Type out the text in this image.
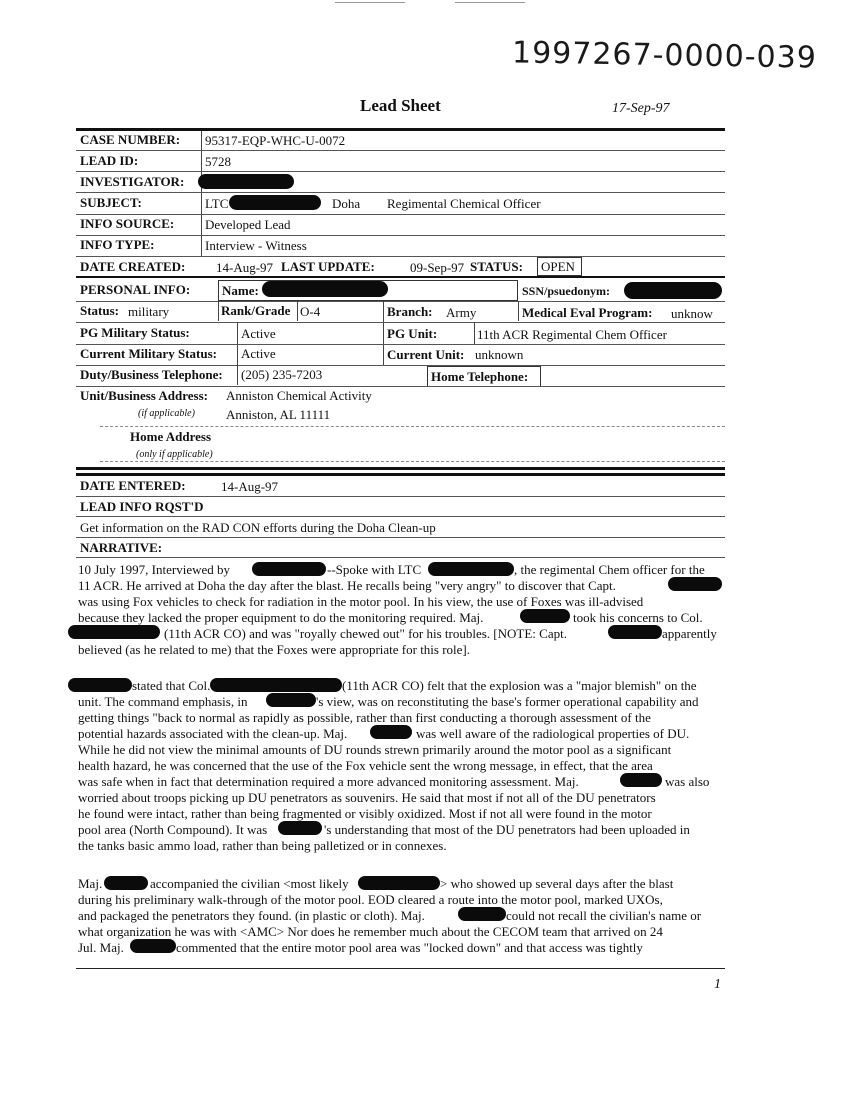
1997267-0000-039
Lead Sheet	17-Sep-97
CASE NUMBER: 95317-EQP-WHC-U-0072
LEAD ID:	5728
INVESTIGATOR:
SUBJECT:	LTC	Doha Regimental Chemical Officer
INFO SOURCE: Developed Lead
INFO TYPE:	Interview - Witness
DATE CREATED: 14-Aug-97 LAST UPDATE:	09-Sep-97 STATUS:	OPEN
PERSONAL INFO: Name:	SSN/psuedonym:
Status: military	Rank/Grade O-4	Branch: Army	Medical Eval Program: unknow
PG Military Status:	Active	PG Unit:	11th ACR Regimental Chem Officer
Current Military Status: Active	Current Unit: unknown
Duty/Business Telephone: (205) 235-7203	Home Telephone:
Unit/Business Address: Anniston Chemical Activity
(if applicable) Anniston, AL 11111
Home Address
(only if applicable)
DATE ENTERED:	14-Aug-97
LEAD INFO RQST'D
Get information on the RAD CON efforts during the Doha Clean-up
NARRATIVE:
10 July 1997, Interviewed by	--Spoke with LTC	, the regimental Chem officer for the
11 ACR. He arrived at Doha the day after the blast. He recalls being "very angry" to discover that Capt.
was using Fox vehicles to check for radiation in the motor pool. In his view, the use of Foxes was ill-advised
because they lacked the proper equipment to do the monitoring required. Maj.	took his concerns to Col.
(11th ACR CO) and was "royally chewed out" for his troubles. [NOTE: Capt.	apparently
believed (as he related to me) that the Foxes were appropriate for this role].
stated that Col.	(11th ACR CO) felt that the explosion was a "major blemish" on the
unit. The command emphasis, in	's view, was on reconstituting the base's former operational capability and
getting things "back to normal as rapidly as possible, rather than first conducting a thorough assessment of the
potential hazards associated with the clean-up. Maj.	was well aware of the radiological properties of DU.
While he did not view the minimal amounts of DU rounds strewn primarily around the motor pool as a significant
health hazard, he was concerned that the use of the Fox vehicle sent the wrong message, in effect, that the area
was safe when in fact that determination required a more advanced monitoring assessment. Maj.	was also
worried about troops picking up DU penetrators as souvenirs. He said that most if not all of the DU penetrators
he found were intact, rather than being fragmented or visibly oxidized. Most if not all were found in the motor
pool area (North Compound). It was	's understanding that most of the DU penetrators had been uploaded in
the tanks basic ammo load, rather than being palletized or in connexes.
Maj.	accompanied the civilian <most likely	> who showed up several days after the blast
during his preliminary walk-through of the motor pool. EOD cleared a route into the motor pool, marked UXOs,
and packaged the penetrators they found. (in plastic or cloth). Maj.	could not recall the civilian's name or
what organization he was with <AMC> Nor does he remember much about the CECOM team that arrived on 24
Jul. Maj.	commented that the entire motor pool area was "locked down" and that access was tightly
1
